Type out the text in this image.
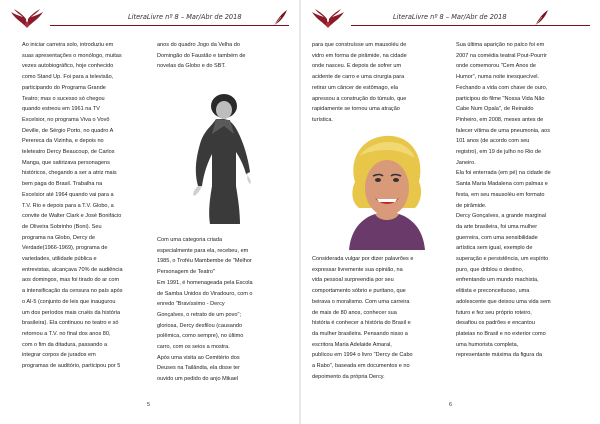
LiteraLivre nº 8 – Mar/Abr de 2018

Ao iniciar carreira solo, introduziu em

suas apresentações o monólogo, muitas

vezes autobiográfico, hoje conhecido

como Stand Up. Foi para a televisão,

participando do Programa Grande

Teatro; mas o sucesso só chegou

quando estreou em 1961 na TV

Excelsior, no programa Viva o Vovô

Deville, de Sérgio Porto, no quadro A

Perereca da Vizinha, e depois no

teleteatro Dercy Beaucoup, de Carlos

Manga, que satirizava personagens

históricos, chegando a ser a atriz mais

bem paga do Brasil. Trabalha na

Excelsior até 1964 quando vai para a

T.V. Rio e depois para a T.V. Globo, a

convite de Walter Clark e José Bonifácio

de Oliveira Sobrinho (Boni). Seu

programa na Globo, Dercy de

Verdade(1966-1969), programa de

variedades, utilidade pública e

entrevistas, alcançava 70% de audiência

aos domingos, mas foi tirado do ar com

a intensificação da censura no país após

o AI-5 (conjunto de leis que inaugurou

um dos períodos mais cruéis da história

brasileira). Ela continuou no teatro e só

retornou a T.V. no final dos anos 80,

com o fim da ditadura, passando a

integrar corpos de jurados em

programas de auditório, participou por 5

anos do quadro Jogo da Velha do

Domingão do Faustão e também de

novelas da Globo e do SBT.

Com uma categoria criada

especialmente para ela, recebeu, em

1985, o Troféu Mambembe de "Melhor

Personagem de Teatro"

Em 1991, é homenageada pela Escola

de Samba Unidos do Viradouro, com o

enredo "Bravíssimo - Dercy

Gonçalves, o retrato de um povo";

gloriosa, Dercy desfilou (causando

polêmica, como sempre), no último

carro, com os seios a mostra.

Após uma visita ao Cemitério dos

Deuses na Tailândia, ela disse ter

ouvido um pedido do anjo Mikael

5
LiteraLivre nº 8 – Mar/Abr de 2018

para que construísse um mausoléu de

vidro em forma de pirâmide, na cidade

onde nasceu. E depois de sofrer um

acidente de carro e uma cirurgia para

retirar um câncer de estômago, ela

apressou a construção do túmulo, que

rapidamente se tornou uma atração

turística.

Considerada vulgar por dizer palavrões e

expressar livremente sua opinião, na

vida pessoal surpreendia por seu

comportamento sóbrio e puritano, que

beirava o moralismo. Com uma carreira

de mais de 80 anos, conhecer sua

história é conhecer a história do Brasil e

da mulher brasileira. Pensando nisso a

escritora Maria Adelaide Amaral,

publicou em 1994 o livro "Dercy de Cabo

a Rabo", baseada em documentos e no

depoimento da própria Dercy.

Sua última aparição no palco foi em

2007 na comédia teatral Pout-Pourrir

onde comemorou "Cem Anos de

Humor", numa noite inesquecível.

Fechando a vida com chave de ouro,

participou do filme "Nossa Vida Não

Cabe Num Opala", de Reinaldo

Pinheiro, em 2008, meses antes de

falecer vítima de uma pneumonia, aos

101 anos (de acordo com seu

registro), em 19 de julho no Rio de

Janeiro.

Ela foi enterrada (em pé) na cidade de

Santa Maria Madalena com palmas e

festa, em seu mausoléu em formato

de pirâmide.

Dercy Gonçalves, a grande marginal

da arte brasileira, foi uma mulher

guerreira, com uma sensibilidade

artística sem igual, exemplo de

superação e persistência, um espírito

puro, que driblou o destino,

enfrentando um mundo machista,

elitista e preconceituoso, uma

adolescente que deixou uma vida sem

futuro e fez seu próprio roteiro,

desafiou os padrões e encantou

plateias no Brasil e no exterior como

uma humorista completa,

representante máxima da figura da

6
